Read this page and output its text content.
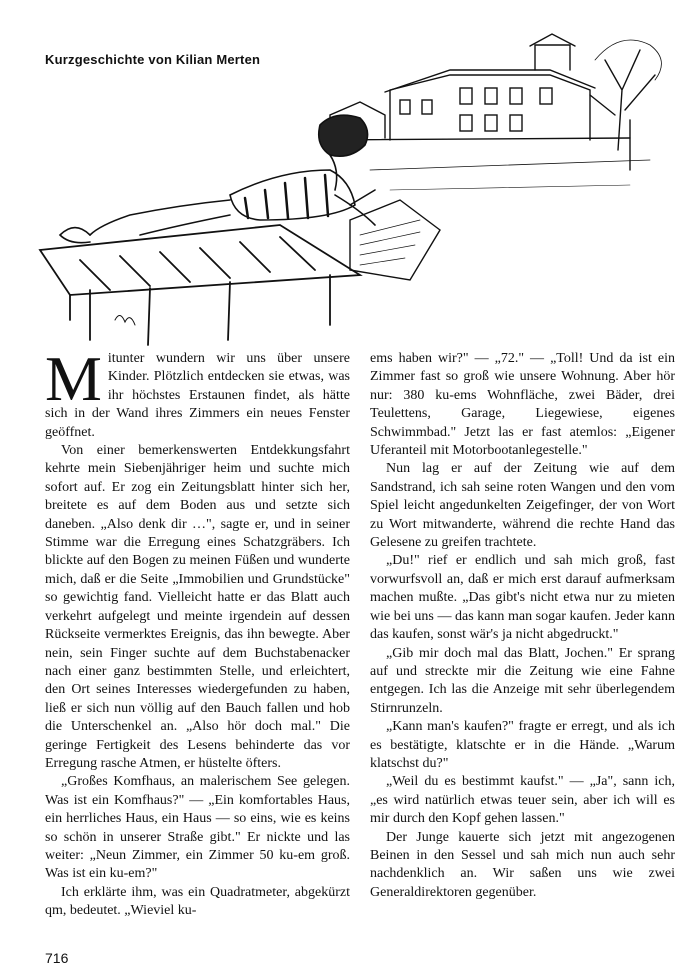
Kurzgeschichte von Kilian Merten

Mitunter wundern wir uns über unsere Kinder. Plötzlich entdecken sie etwas, was ihr höchstes Erstaunen findet, als hätte sich in der Wand ihres Zimmers ein neues Fenster geöffnet.

Von einer bemerkenswerten Entdekkungsfahrt kehrte mein Siebenjähriger heim und suchte mich sofort auf. Er zog ein Zeitungsblatt hinter sich her, breitete es auf dem Boden aus und setzte sich daneben. „Also denk dir …", sagte er, und in seiner Stimme war die Erregung eines Schatzgräbers. Ich blickte auf den Bogen zu meinen Füßen und wunderte mich, daß er die Seite „Immobilien und Grundstücke" so gewichtig fand. Vielleicht hatte er das Blatt auch verkehrt aufgelegt und meinte irgendein auf dessen Rückseite vermerktes Ereignis, das ihn bewegte. Aber nein, sein Finger suchte auf dem Buchstabenacker nach einer ganz bestimmten Stelle, und erleichtert, den Ort seines Interesses wiedergefunden zu haben, ließ er sich nun völlig auf den Bauch fallen und hob die Unterschenkel an. „Also hör doch mal." Die geringe Fertigkeit des Lesens behinderte das vor Erregung rasche Atmen, er hüstelte öfters.

„Großes Komfhaus, an malerischem See gelegen. Was ist ein Komfhaus?" — „Ein komfortables Haus, ein herrliches Haus, ein Haus — so eins, wie es keins so schön in unserer Straße gibt." Er nickte und las weiter: „Neun Zimmer, ein Zimmer 50 ku-em groß. Was ist ein ku-em?"

Ich erklärte ihm, was ein Quadratmeter, abgekürzt qm, bedeutet. „Wieviel ku-

ems haben wir?" — „72." — „Toll! Und da ist ein Zimmer fast so groß wie unsere Wohnung. Aber hör nur: 380 ku-ems Wohnfläche, zwei Bäder, drei Teulettens, Garage, Liegewiese, eigenes Schwimmbad." Jetzt las er fast atemlos: „Eigener Uferanteil mit Motorbootanlegestelle."

Nun lag er auf der Zeitung wie auf dem Sandstrand, ich sah seine roten Wangen und den vom Spiel leicht angedunkelten Zeigefinger, der von Wort zu Wort mitwanderte, während die rechte Hand das Gelesene zu greifen trachtete.

„Du!" rief er endlich und sah mich groß, fast vorwurfsvoll an, daß er mich erst darauf aufmerksam machen mußte. „Das gibt's nicht etwa nur zu mieten wie bei uns — das kann man sogar kaufen. Jeder kann das kaufen, sonst wär's ja nicht abgedruckt."

„Gib mir doch mal das Blatt, Jochen." Er sprang auf und streckte mir die Zeitung wie eine Fahne entgegen. Ich las die Anzeige mit sehr überlegendem Stirnrunzeln.

„Kann man's kaufen?" fragte er erregt, und als ich es bestätigte, klatschte er in die Hände. „Warum klatschst du?"

„Weil du es bestimmt kaufst." — „Ja", sann ich, „es wird natürlich etwas teuer sein, aber ich will es mir durch den Kopf gehen lassen."

Der Junge kauerte sich jetzt mit angezogenen Beinen in den Sessel und sah mich nun auch sehr nachdenklich an. Wir saßen uns wie zwei Generaldirektoren gegenüber.

716
